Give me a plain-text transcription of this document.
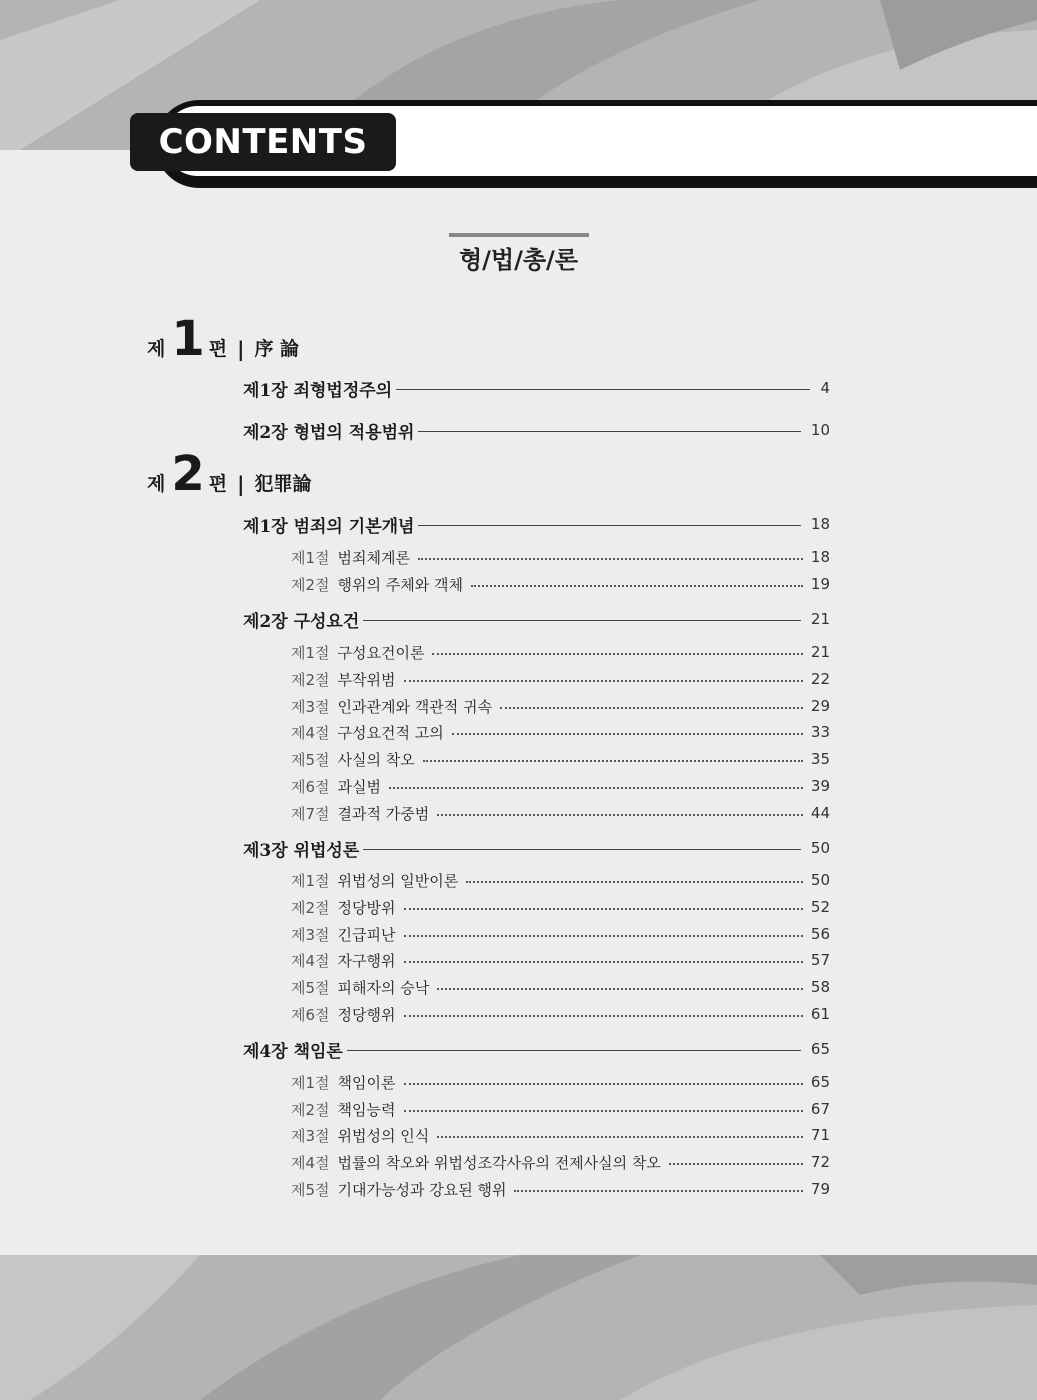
CONTENTS
형/법/총/론
제 1 편 | 序 論
제1장 죄형법정주의	4
제2장 형법의 적용범위	10
제 2 편 | 犯罪論
제1장 범죄의 기본개념	18
제1절 범죄체계론	18
제2절 행위의 주체와 객체	19
제2장 구성요건	21
제1절 구성요건이론	21
제2절 부작위범	22
제3절 인과관계와 객관적 귀속	29
제4절 구성요건적 고의	33
제5절 사실의 착오	35
제6절 과실범	39
제7절 결과적 가중범	44
제3장 위법성론	50
제1절 위법성의 일반이론	50
제2절 정당방위	52
제3절 긴급피난	56
제4절 자구행위	57
제5절 피해자의 승낙	58
제6절 정당행위	61
제4장 책임론	65
제1절 책임이론	65
제2절 책임능력	67
제3절 위법성의 인식	71
제4절 법률의 착오와 위법성조각사유의 전제사실의 착오	72
제5절 기대가능성과 강요된 행위	79
